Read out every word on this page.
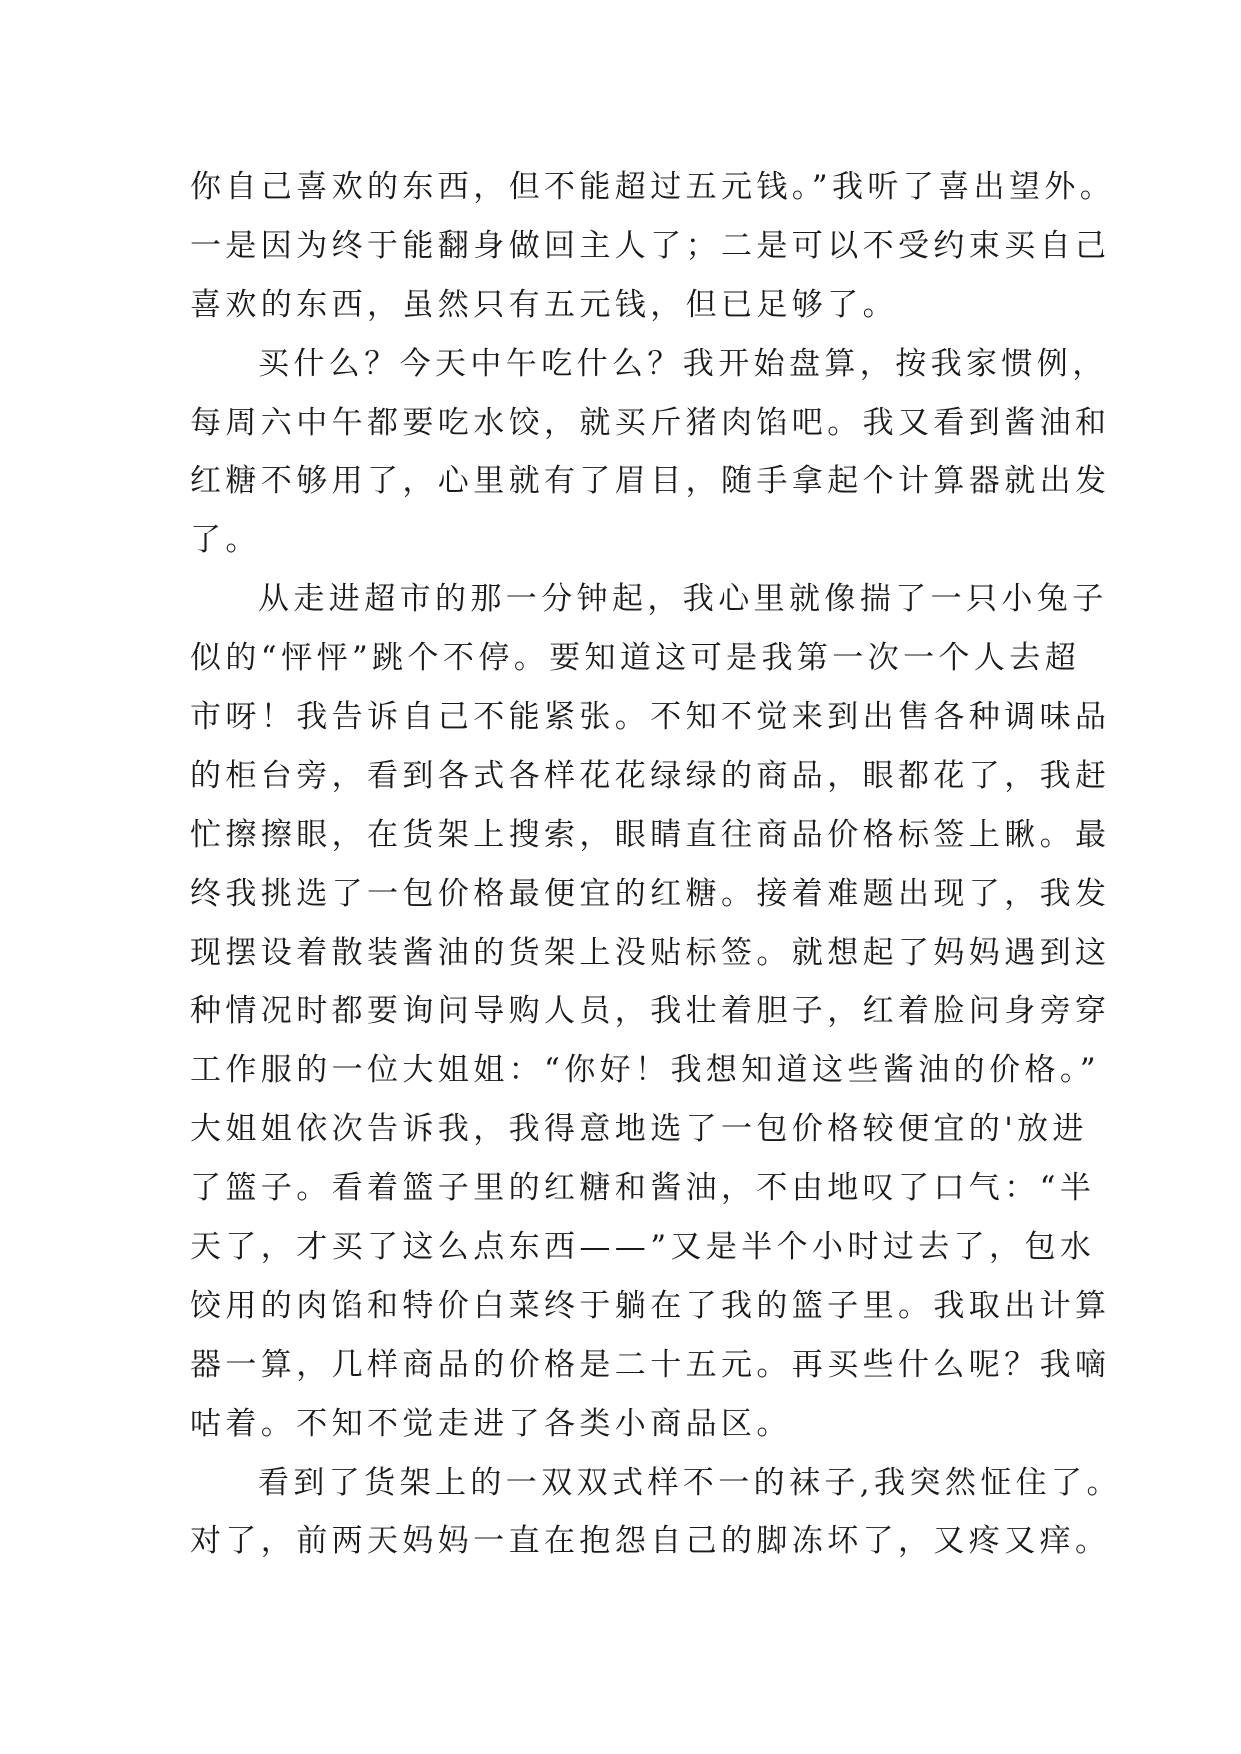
你自己喜欢的东西，但不能超过五元钱。”我听了喜出望外。
一是因为终于能翻身做回主人了；二是可以不受约束买自己
喜欢的东西，虽然只有五元钱，但已足够了。
买什么？今天中午吃什么？我开始盘算，按我家惯例，
每周六中午都要吃水饺，就买斤猪肉馅吧。我又看到酱油和
红糖不够用了，心里就有了眉目，随手拿起个计算器就出发
了。
从走进超市的那一分钟起，我心里就像揣了一只小兔子
似的“怦怦”跳个不停。要知道这可是我第一次一个人去超
市呀！我告诉自己不能紧张。不知不觉来到出售各种调味品
的柜台旁，看到各式各样花花绿绿的商品，眼都花了，我赶
忙擦擦眼，在货架上搜索，眼睛直往商品价格标签上瞅。最
终我挑选了一包价格最便宜的红糖。接着难题出现了，我发
现摆设着散装酱油的货架上没贴标签。就想起了妈妈遇到这
种情况时都要询问导购人员，我壮着胆子，红着脸问身旁穿
工作服的一位大姐姐：“你好！我想知道这些酱油的价格。”
大姐姐依次告诉我，我得意地选了一包价格较便宜的'放进
了篮子。看着篮子里的红糖和酱油，不由地叹了口气：“半
天了，才买了这么点东西——”又是半个小时过去了，包水
饺用的肉馅和特价白菜终于躺在了我的篮子里。我取出计算
器一算，几样商品的价格是二十五元。再买些什么呢？我嘀
咕着。不知不觉走进了各类小商品区。
看到了货架上的一双双式样不一的袜子,我突然怔住了。
对了，前两天妈妈一直在抱怨自己的脚冻坏了，又疼又痒。
